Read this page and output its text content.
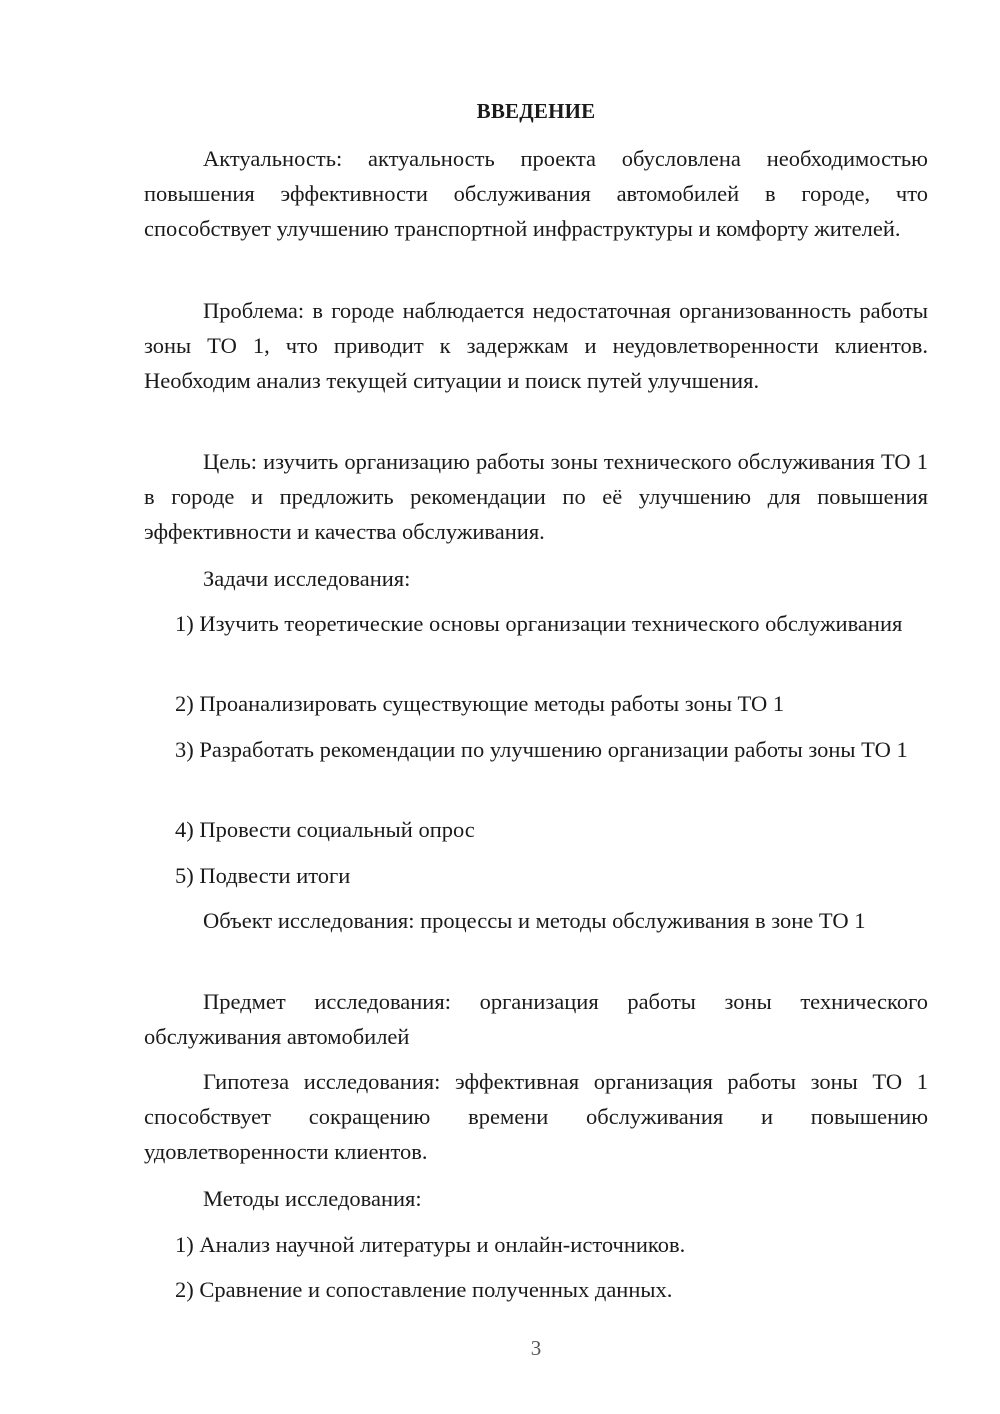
ВВЕДЕНИЕ

Актуальность: актуальность проекта обусловлена необходимостью повышения эффективности обслуживания автомобилей в городе, что способствует улучшению транспортной инфраструктуры и комфорту жителей.

Проблема: в городе наблюдается недостаточная организованность работы зоны ТО 1, что приводит к задержкам и неудовлетворенности клиентов. Необходим анализ текущей ситуации и поиск путей улучшения.

Цель: изучить организацию работы зоны технического обслуживания ТО 1 в городе и предложить рекомендации по её улучшению для повышения эффективности и качества обслуживания.

Задачи исследования:

1) Изучить теоретические основы организации технического обслуживания

2) Проанализировать существующие методы работы зоны ТО 1

3) Разработать рекомендации по улучшению организации работы зоны ТО 1

4) Провести социальный опрос

5) Подвести итоги

Объект исследования: процессы и методы обслуживания в зоне ТО 1

Предмет исследования: организация работы зоны технического обслуживания автомобилей

Гипотеза исследования: эффективная организация работы зоны ТО 1 способствует сокращению времени обслуживания и повышению удовлетворенности клиентов.

Методы исследования:

1) Анализ научной литературы и онлайн-источников.

2) Сравнение и сопоставление полученных данных.

3
